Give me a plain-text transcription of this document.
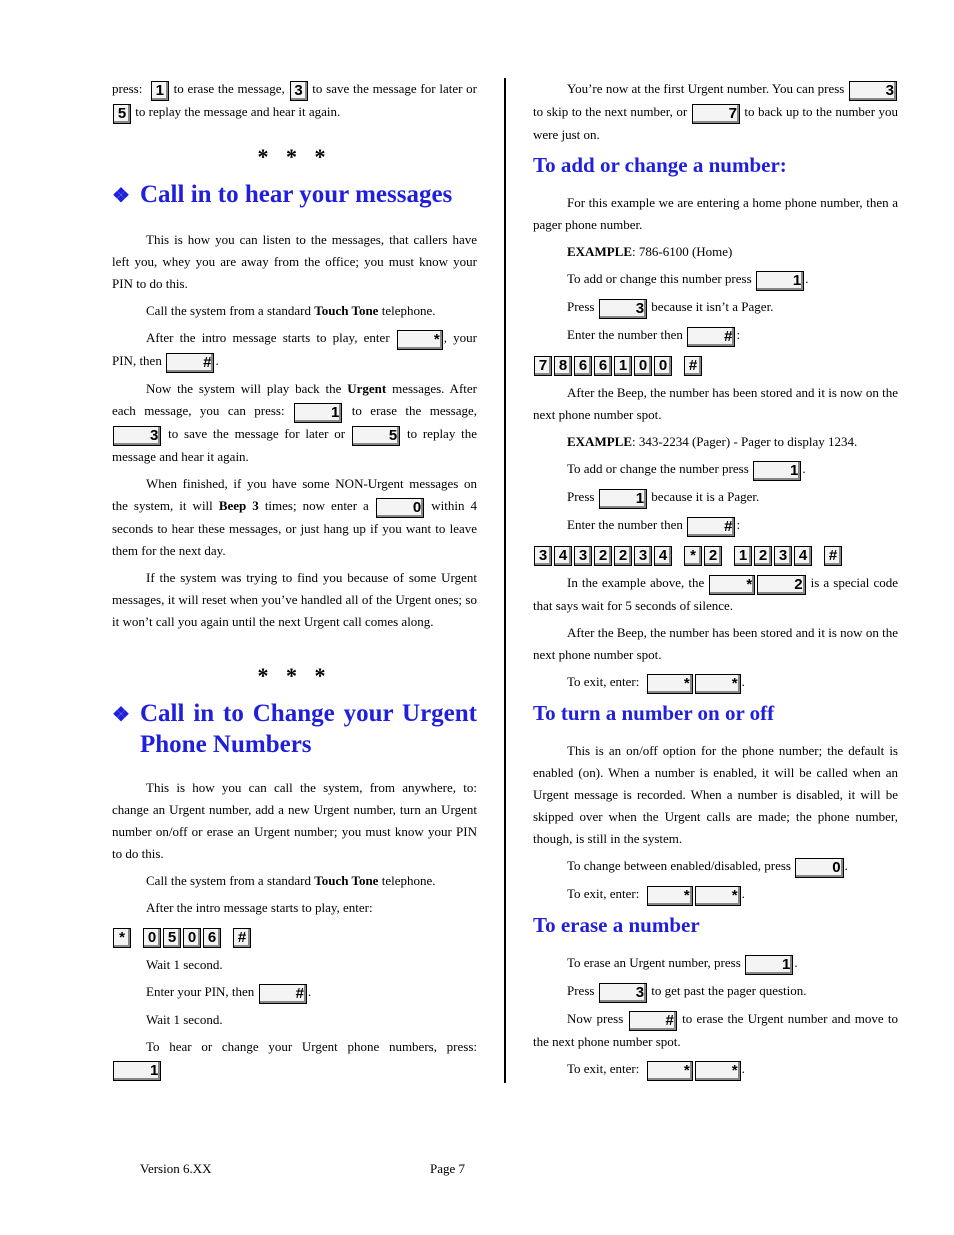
press: 1 to erase the message, 3 to save the message for later or 5 to replay the message and hear it again.

* * *
❖ Call in to hear your messages

This is how you can listen to the messages, that callers have left you, whey you are away from the office; you must know your PIN to do this.

Call the system from a standard Touch Tone telephone.

After the intro message starts to play, enter	* , your PIN, then	# .

Now the system will play back the Urgent messages. After each message, you can press:	1 to erase the message, 3 to save the message for later or	5 to replay the message and hear it again.

When finished, if you have some NON-Urgent messages on the system, it will Beep 3 times; now enter a	0 within 4 seconds to hear these messages, or just hang up if you want to leave them for the next day.

If the system was trying to find you because of some Urgent messages, it will reset when you’ve handled all of the Urgent ones; so it won’t call you again until the next Urgent call comes along.

* * *
❖ Call in to Change your Urgent Phone Numbers

This is how you can call the system, from anywhere, to: change an Urgent number, add a new Urgent number, turn an Urgent number on/off or erase an Urgent number; you must know your PIN to do this.

Call the system from a standard Touch Tone telephone.

After the intro message starts to play, enter:

* 0 5 0 6 #

Wait 1 second.

Enter your PIN, then	# .

Wait 1 second.

To hear or change your Urgent phone numbers, press: 1

You’re now at the first Urgent number. You can press	3 to skip to the next number, or	7 to back up to the number you were just on.

To add or change a number:

For this example we are entering a home phone number, then a pager phone number.

EXAMPLE: 786-6100 (Home)

To add or change this number press	1 .

Press	3 because it isn’t a Pager.

Enter the number then	# :

7 8 6 6 1 0 0 #

After the Beep, the number has been stored and it is now on the next phone number spot.

EXAMPLE: 343-2234 (Pager) - Pager to display 1234.

To add or change the number press	1 .

Press	1 because it is a Pager.

Enter the number then	# :

3 4 3 2 2 3 4 * 2 1 2 3 4 #

In the example above, the	*	2 is a special code that says wait for 5 seconds of silence.

After the Beep, the number has been stored and it is now on the next phone number spot.

To exit, enter:	*	* .

To turn a number on or off

This is an on/off option for the phone number; the default is enabled (on). When a number is enabled, it will be called when an Urgent message is recorded. When a number is disabled, it will be skipped over when the Urgent calls are made; the phone number, though, is still in the system.

To change between enabled/disabled, press	0 .

To exit, enter:	*	* .

To erase a number

To erase an Urgent number, press	1 .

Press	3 to get past the pager question.

Now press	# to erase the Urgent number and move to the next phone number spot.

To exit, enter:	*	* .

Version 6.XX	Page 7
